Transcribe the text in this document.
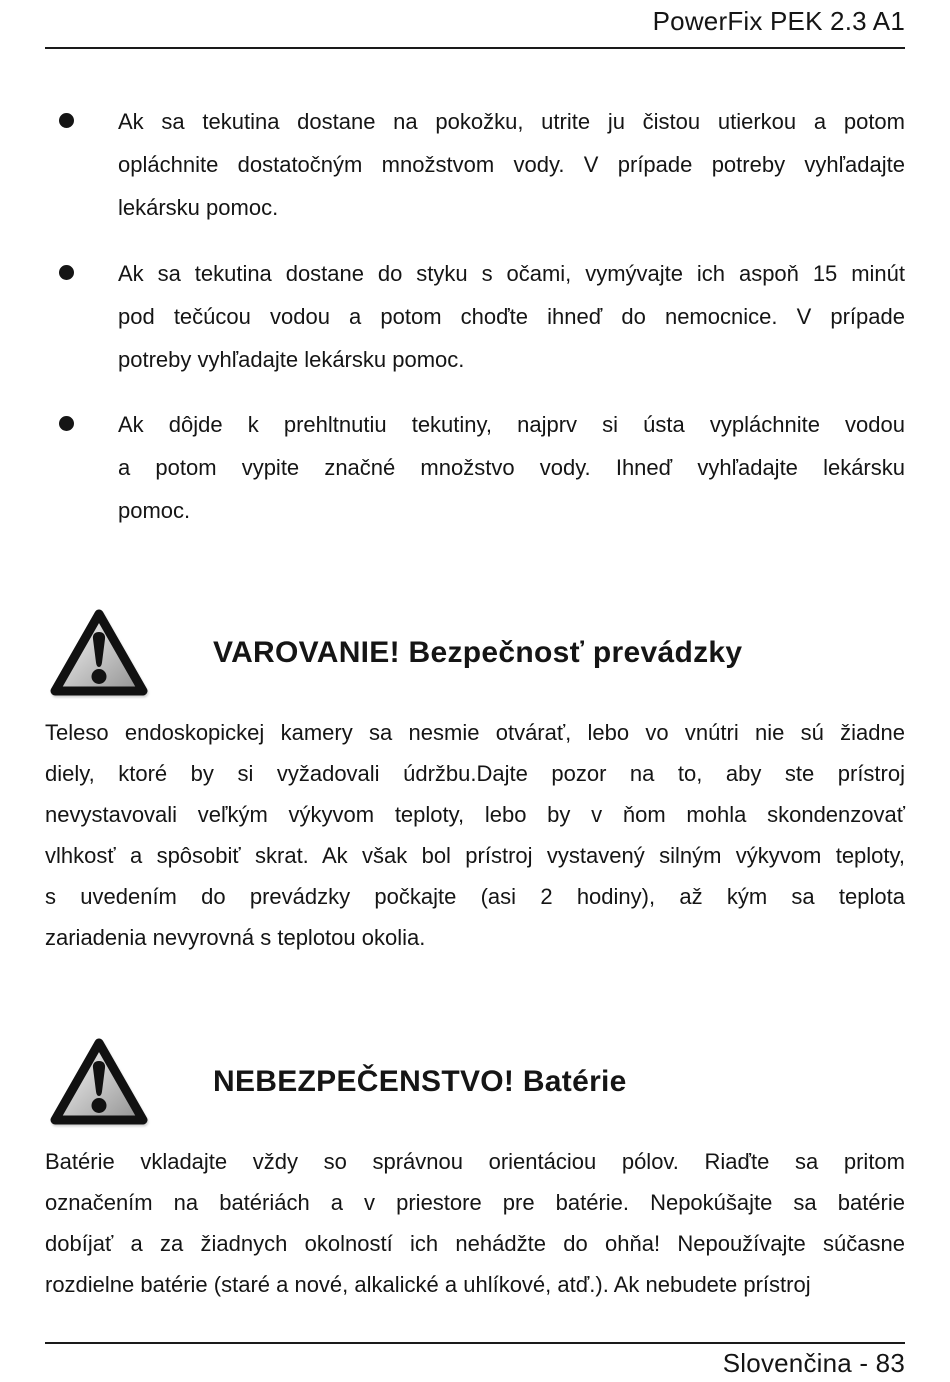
PowerFix PEK 2.3 A1
Ak sa tekutina dostane na pokožku, utrite ju čistou utierkou a potom
opláchnite dostatočným množstvom vody. V prípade potreby vyhľadajte
lekársku pomoc.
Ak sa tekutina dostane do styku s očami, vymývajte ich aspoň 15 minút
pod tečúcou vodou a potom choďte ihneď do nemocnice. V prípade
potreby vyhľadajte lekársku pomoc.
Ak dôjde k prehltnutiu tekutiny, najprv si ústa vypláchnite vodou
a potom vypite značné množstvo vody. Ihneď vyhľadajte lekársku
pomoc.
VAROVANIE! Bezpečnosť prevádzky
Teleso endoskopickej kamery sa nesmie otvárať, lebo vo vnútri nie sú žiadne
diely, ktoré by si vyžadovali údržbu.Dajte pozor na to, aby ste prístroj
nevystavovali veľkým výkyvom teploty, lebo by v ňom mohla skondenzovať
vlhkosť a spôsobiť skrat. Ak však bol prístroj vystavený silným výkyvom teploty,
s uvedením do prevádzky počkajte (asi 2 hodiny), až kým sa teplota
zariadenia nevyrovná s teplotou okolia.
NEBEZPEČENSTVO! Batérie
Batérie vkladajte vždy so správnou orientáciou pólov. Riaďte sa pritom
označením na batériách a v priestore pre batérie. Nepokúšajte sa batérie
dobíjať a za žiadnych okolností ich nehádžte do ohňa! Nepoužívajte súčasne
rozdielne batérie (staré a nové, alkalické a uhlíkové, atď.). Ak nebudete prístroj
Slovenčina - 83
